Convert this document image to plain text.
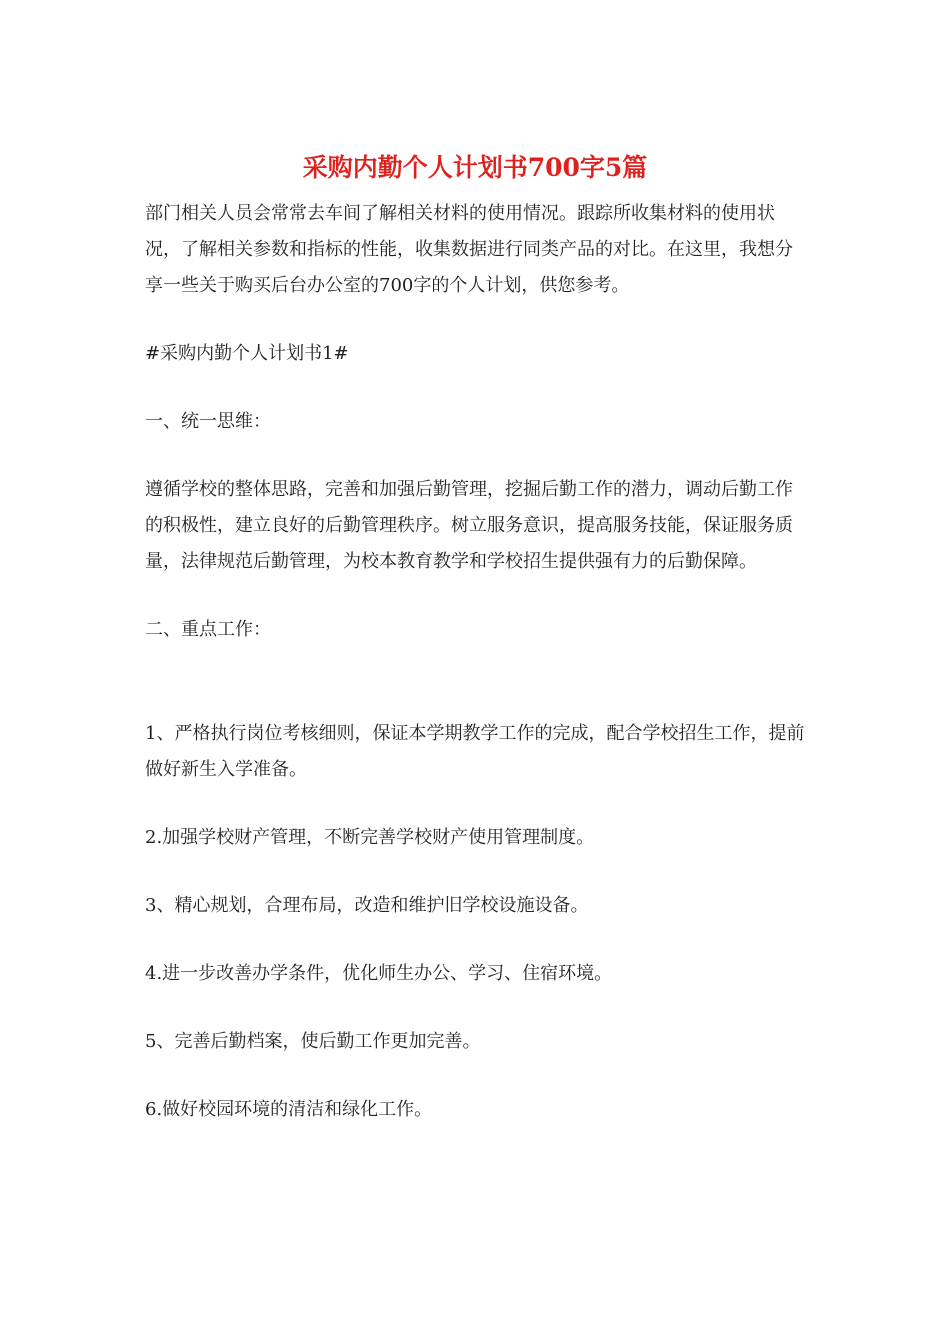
采购内勤个人计划书700字5篇

部门相关人员会常常去车间了解相关材料的使用情况。跟踪所收集材料的使用状况，了解相关参数和指标的性能，收集数据进行同类产品的对比。在这里，我想分享一些关于购买后台办公室的700字的个人计划，供您参考。

#采购内勤个人计划书1#

一、统一思维：

遵循学校的整体思路，完善和加强后勤管理，挖掘后勤工作的潜力，调动后勤工作的积极性，建立良好的后勤管理秩序。树立服务意识，提高服务技能，保证服务质量，法律规范后勤管理，为校本教育教学和学校招生提供强有力的后勤保障。

二、重点工作：

1、严格执行岗位考核细则，保证本学期教学工作的完成，配合学校招生工作，提前做好新生入学准备。

2.加强学校财产管理，不断完善学校财产使用管理制度。

3、精心规划，合理布局，改造和维护旧学校设施设备。

4.进一步改善办学条件，优化师生办公、学习、住宿环境。

5、完善后勤档案，使后勤工作更加完善。

6.做好校园环境的清洁和绿化工作。
